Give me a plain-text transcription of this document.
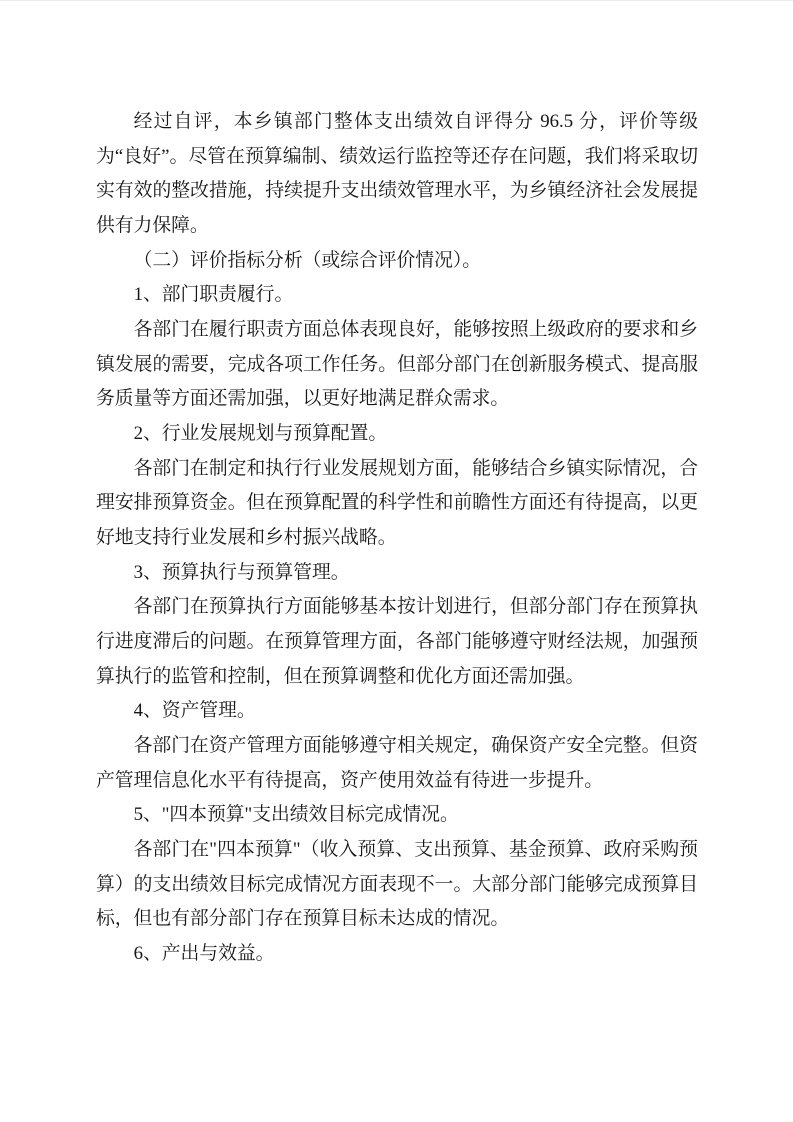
经过自评，本乡镇部门整体支出绩效自评得分 96.5 分，评价等级为“良好”。尽管在预算编制、绩效运行监控等还存在问题，我们将采取切实有效的整改措施，持续提升支出绩效管理水平，为乡镇经济社会发展提供有力保障。

（二）评价指标分析（或综合评价情况）。

1、部门职责履行。

各部门在履行职责方面总体表现良好，能够按照上级政府的要求和乡镇发展的需要，完成各项工作任务。但部分部门在创新服务模式、提高服务质量等方面还需加强，以更好地满足群众需求。

2、行业发展规划与预算配置。

各部门在制定和执行行业发展规划方面，能够结合乡镇实际情况，合理安排预算资金。但在预算配置的科学性和前瞻性方面还有待提高，以更好地支持行业发展和乡村振兴战略。

3、预算执行与预算管理。

各部门在预算执行方面能够基本按计划进行，但部分部门存在预算执行进度滞后的问题。在预算管理方面，各部门能够遵守财经法规，加强预算执行的监管和控制，但在预算调整和优化方面还需加强。

4、资产管理。

各部门在资产管理方面能够遵守相关规定，确保资产安全完整。但资产管理信息化水平有待提高，资产使用效益有待进一步提升。

5、"四本预算"支出绩效目标完成情况。

各部门在"四本预算"（收入预算、支出预算、基金预算、政府采购预算）的支出绩效目标完成情况方面表现不一。大部分部门能够完成预算目标，但也有部分部门存在预算目标未达成的情况。

6、产出与效益。
